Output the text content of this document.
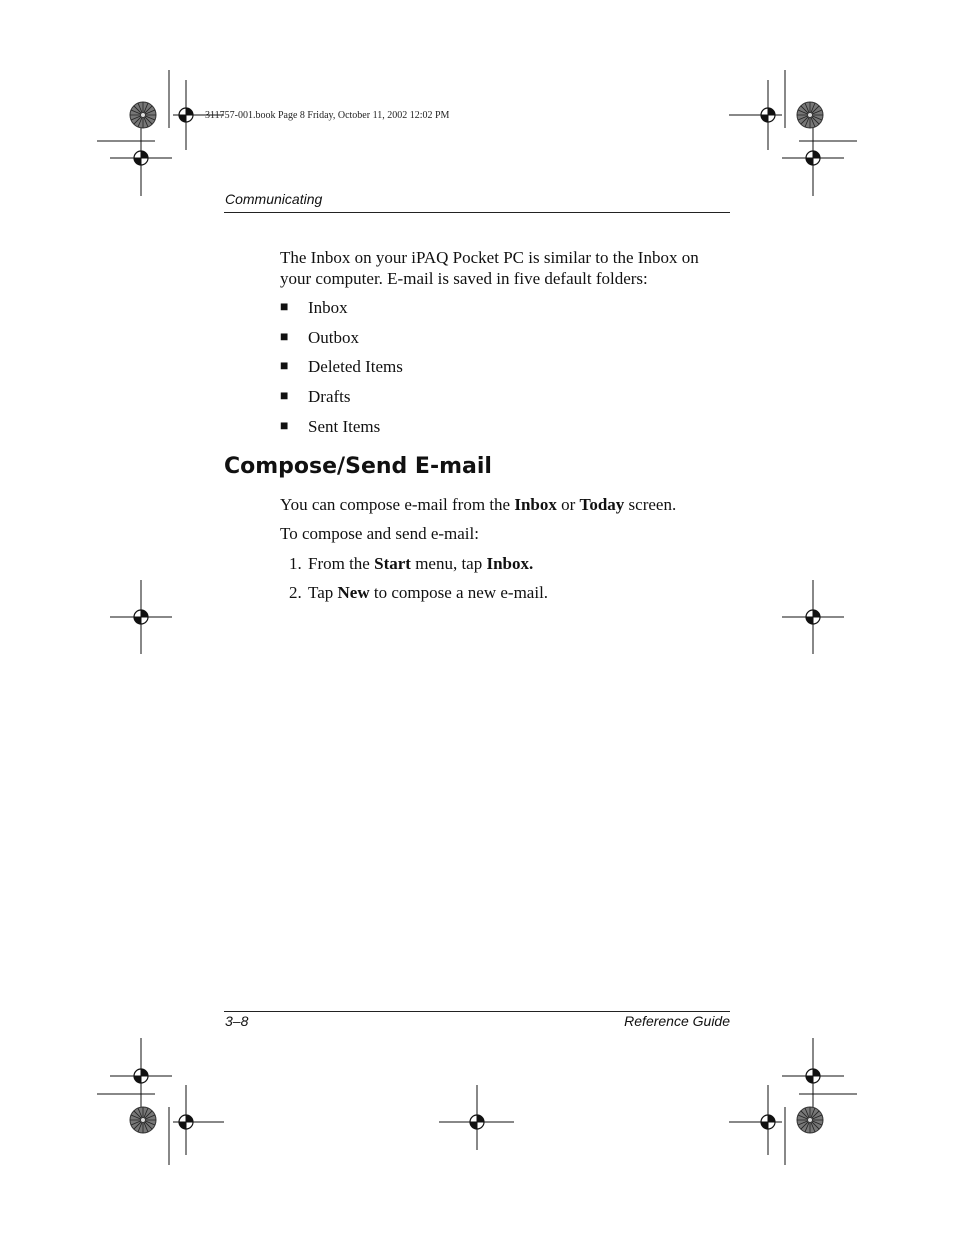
311757-001.book Page 8 Friday, October 11, 2002 12:02 PM
Communicating
The Inbox on your iPAQ Pocket PC is similar to the Inbox on
your computer. E-mail is saved in five default folders:
■ Inbox
■ Outbox
■ Deleted Items
■ Drafts
■ Sent Items
Compose/Send E-mail
You can compose e-mail from the Inbox or Today screen.
To compose and send e-mail:
1. From the Start menu, tap Inbox.
2. Tap New to compose a new e-mail.
3–8	Reference Guide
